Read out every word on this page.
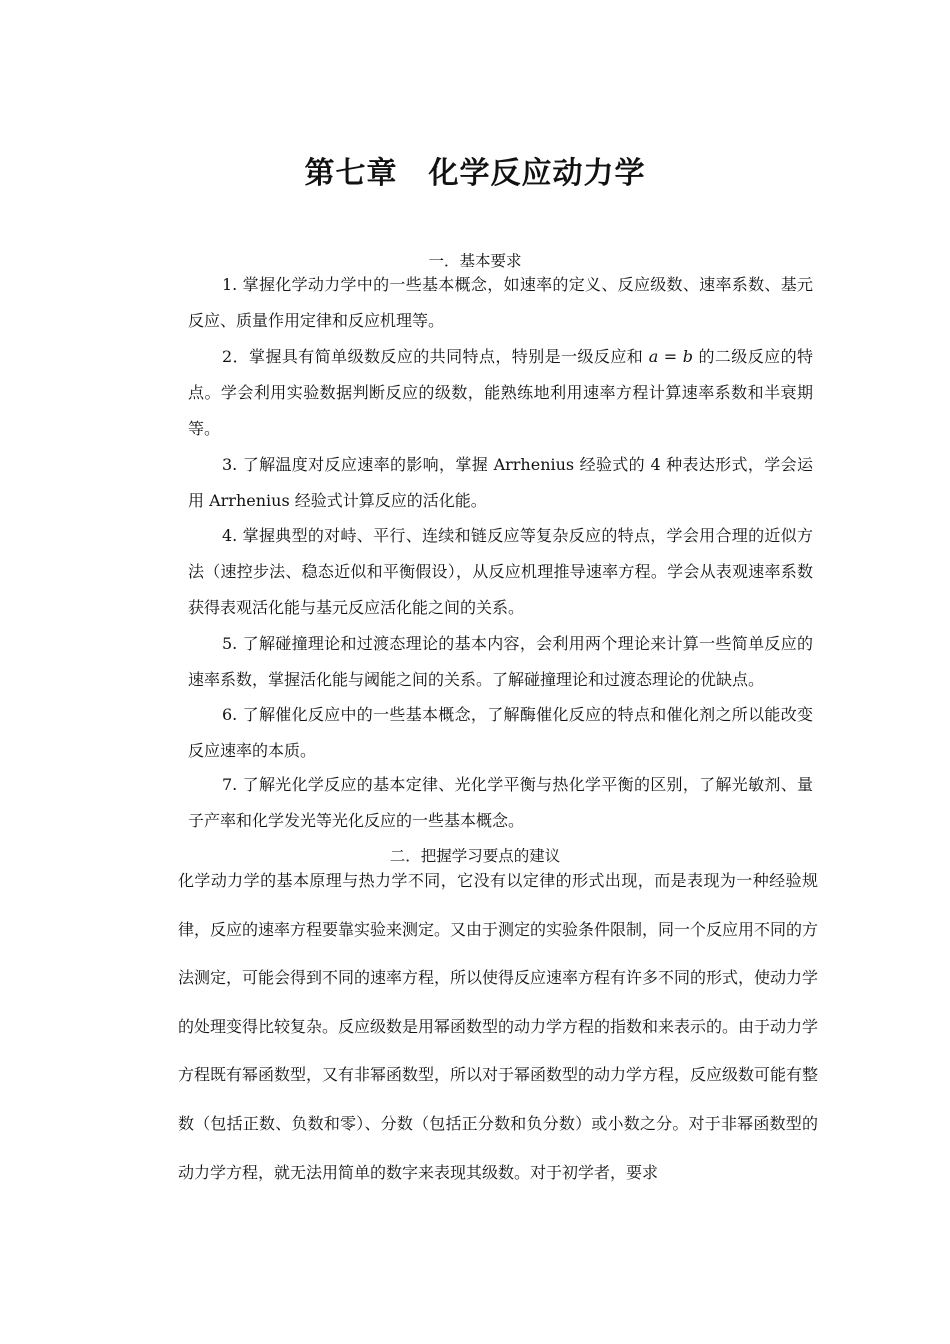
第七章　化学反应动力学
一．基本要求

1. 掌握化学动力学中的一些基本概念，如速率的定义、反应级数、速率系数、基元反应、质量作用定律和反应机理等。

2．掌握具有简单级数反应的共同特点，特别是一级反应和 a = b 的二级反应的特点。学会利用实验数据判断反应的级数，能熟练地利用速率方程计算速率系数和半衰期等。

3. 了解温度对反应速率的影响，掌握 Arrhenius 经验式的 4 种表达形式，学会运用 Arrhenius 经验式计算反应的活化能。

4. 掌握典型的对峙、平行、连续和链反应等复杂反应的特点，学会用合理的近似方法（速控步法、稳态近似和平衡假设），从反应机理推导速率方程。学会从表观速率系数获得表观活化能与基元反应活化能之间的关系。

5. 了解碰撞理论和过渡态理论的基本内容，会利用两个理论来计算一些简单反应的速率系数，掌握活化能与阈能之间的关系。了解碰撞理论和过渡态理论的优缺点。

6. 了解催化反应中的一些基本概念，了解酶催化反应的特点和催化剂之所以能改变反应速率的本质。

7. 了解光化学反应的基本定律、光化学平衡与热化学平衡的区别，了解光敏剂、量子产率和化学发光等光化反应的一些基本概念。

二．把握学习要点的建议

化学动力学的基本原理与热力学不同，它没有以定律的形式出现，而是表现为一种经验规律，反应的速率方程要靠实验来测定。又由于测定的实验条件限制，同一个反应用不同的方法测定，可能会得到不同的速率方程，所以使得反应速率方程有许多不同的形式，使动力学的处理变得比较复杂。反应级数是用幂函数型的动力学方程的指数和来表示的。由于动力学方程既有幂函数型，又有非幂函数型，所以对于幂函数型的动力学方程，反应级数可能有整数（包括正数、负数和零）、分数（包括正分数和负分数）或小数之分。对于非幂函数型的动力学方程，就无法用简单的数字来表现其级数。对于初学者，要求
